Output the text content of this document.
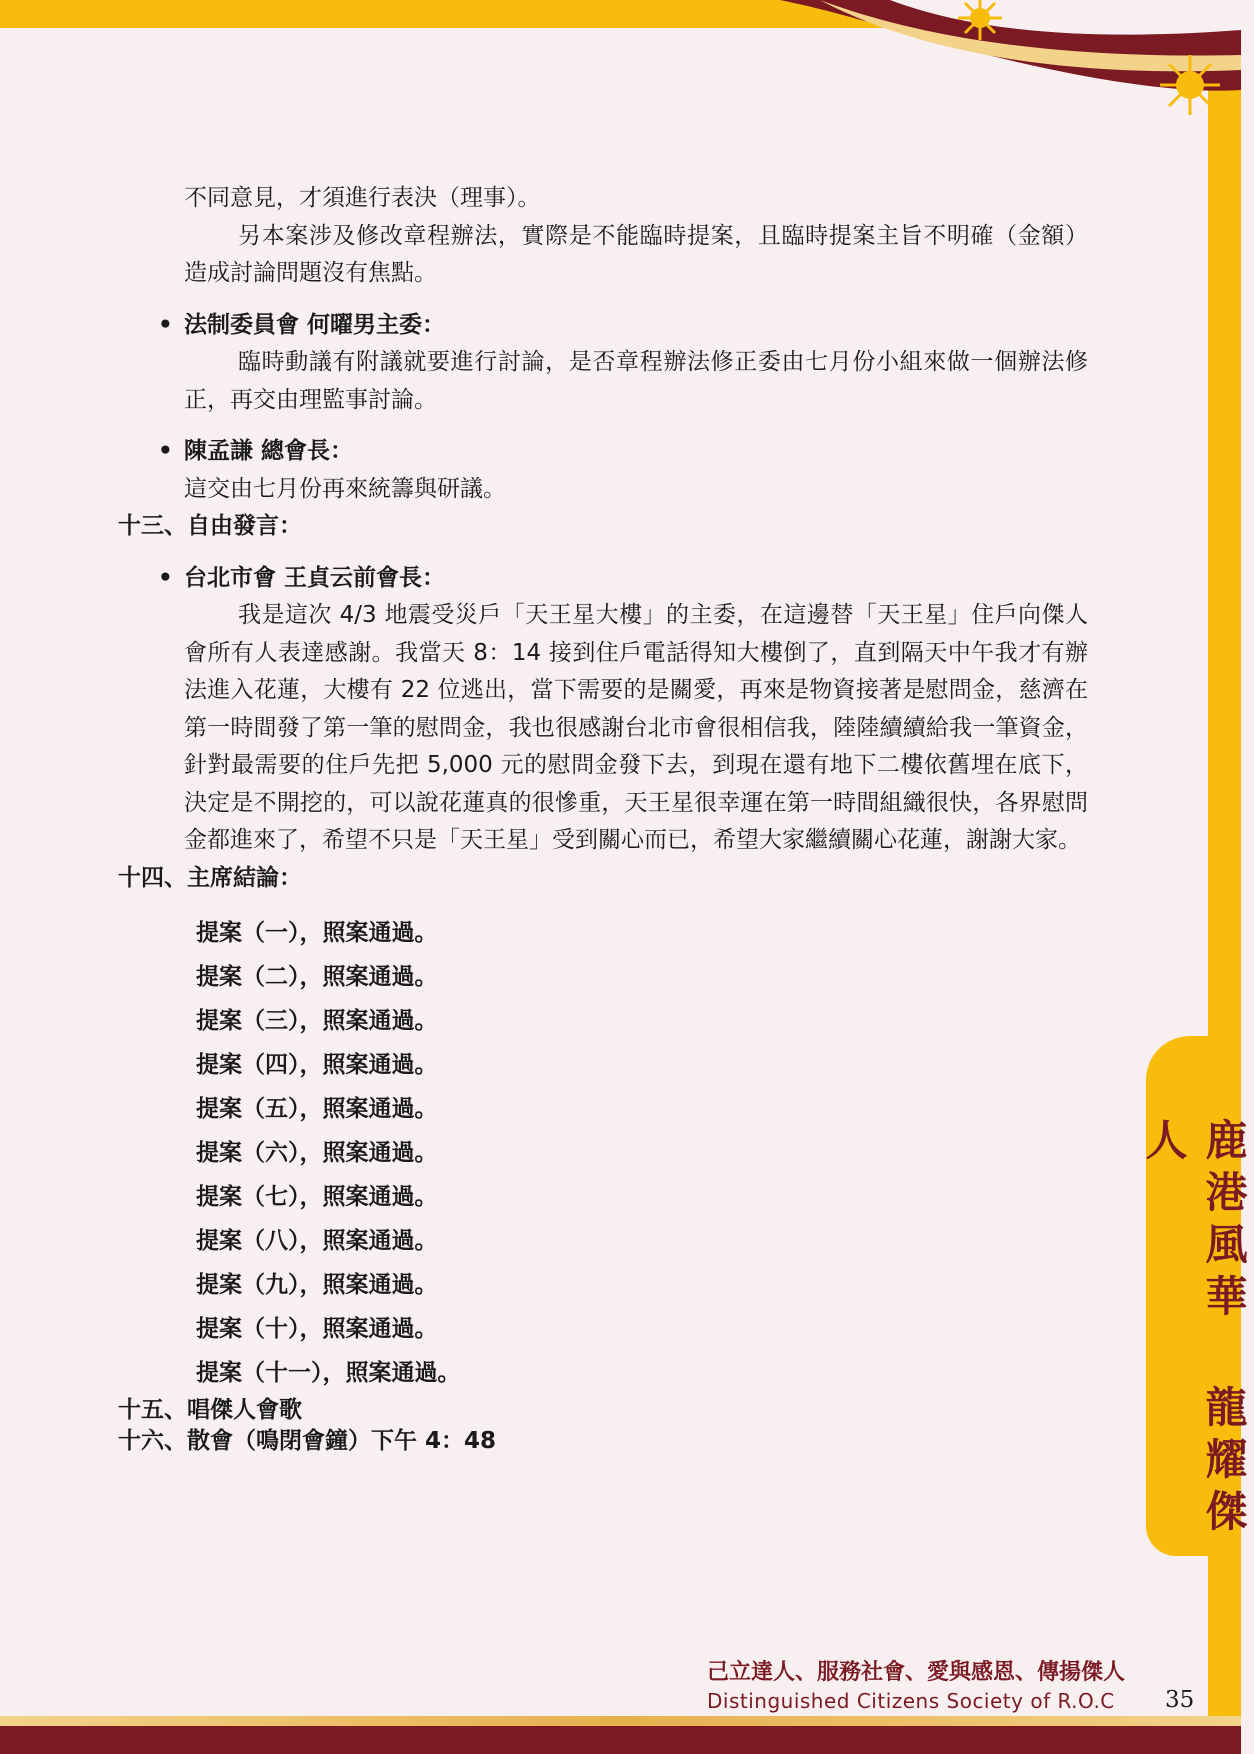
鹿港風華 龍耀傑人

不同意見，才須進行表決（理事）。

另本案涉及修改章程辦法，實際是不能臨時提案，且臨時提案主旨不明確（金額）造成討論問題沒有焦點。

• 法制委員會 何曜男主委：

臨時動議有附議就要進行討論，是否章程辦法修正委由七月份小組來做一個辦法修正，再交由理監事討論。

• 陳孟謙 總會長：

這交由七月份再來統籌與研議。

十三、自由發言：

• 台北市會 王貞云前會長：

我是這次 4/3 地震受災戶「天王星大樓」的主委，在這邊替「天王星」住戶向傑人會所有人表達感謝。我當天 8：14 接到住戶電話得知大樓倒了，直到隔天中午我才有辦法進入花蓮，大樓有 22 位逃出，當下需要的是關愛，再來是物資接著是慰問金，慈濟在第一時間發了第一筆的慰問金，我也很感謝台北市會很相信我，陸陸續續給我一筆資金，針對最需要的住戶先把 5,000 元的慰問金發下去，到現在還有地下二樓依舊埋在底下，決定是不開挖的，可以說花蓮真的很慘重，天王星很幸運在第一時間組織很快，各界慰問金都進來了，希望不只是「天王星」受到關心而已，希望大家繼續關心花蓮，謝謝大家。

十四、主席結論：

提案（一），照案通過。
提案（二），照案通過。
提案（三），照案通過。
提案（四），照案通過。
提案（五），照案通過。
提案（六），照案通過。
提案（七），照案通過。
提案（八），照案通過。
提案（九），照案通過。
提案（十），照案通過。
提案（十一），照案通過。

十五、唱傑人會歌

十六、散會（鳴閉會鐘）下午 4：48

己立達人、服務社會、愛與感恩、傳揚傑人
Distinguished Citizens Society of R.O.C 35
